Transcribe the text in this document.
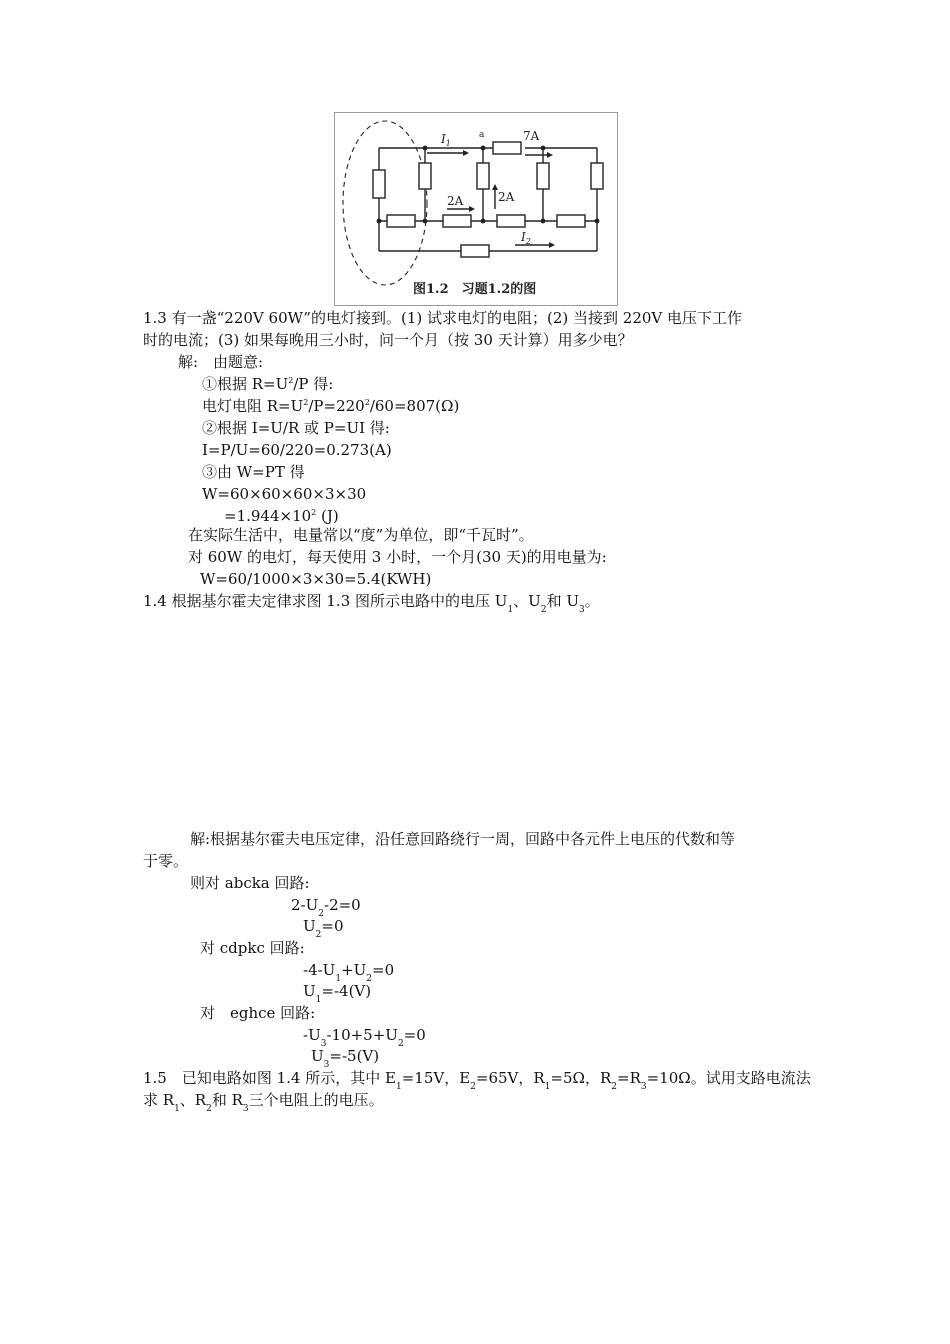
$I_1$
a	7A
2A	2A
$I_2$
图1.2　习题1.2的图
1.3 有一盏“220V 60W”的电灯接到。(1) 试求电灯的电阻；(2) 当接到 220V 电压下工作
时的电流；(3) 如果每晚用三小时，问一个月（按 30 天计算）用多少电？
解:　由题意:
①根据 $R=U^2/P$ 得:
电灯电阻 $R=U^2/P=220^2/60=807(\Omega)$
②根据 I=U/R 或 P=UI 得:
I=P/U=60/220=0.273(A)
③由 W=PT 得
W=60×60×60×3×30
$=1.944\times 10^2$ (J)
在实际生活中，电量常以“度”为单位，即“千瓦时”。
对 60W 的电灯，每天使用 3 小时，一个月(30 天)的用电量为:
W=60/1000×3×30=5.4(KWH)
1.4 根据基尔霍夫定律求图 1.3 图所示电路中的电压 $U_1$、$U_2$和 $U_3$。
解:根据基尔霍夫电压定律，沿任意回路绕行一周，回路中各元件上电压的代数和等
于零。
则对 abcka 回路:
$2-U_2-2=0$
$U_2=0$
对 cdpkc 回路:
$-4-U_1+U_2=0$
$U_1=-4(V)$
对　eghce 回路:
$-U_3-10+5+U_2=0$
$U_3=-5(V)$
1.5　已知电路如图 1.4 所示，其中 $E_1=15V$，$E_2=65V$，$R_1=5\Omega$，$R_2=R_3=10\Omega$。试用支路电流法
求 $R_1$、$R_2$和 $R_3$三个电阻上的电压。
